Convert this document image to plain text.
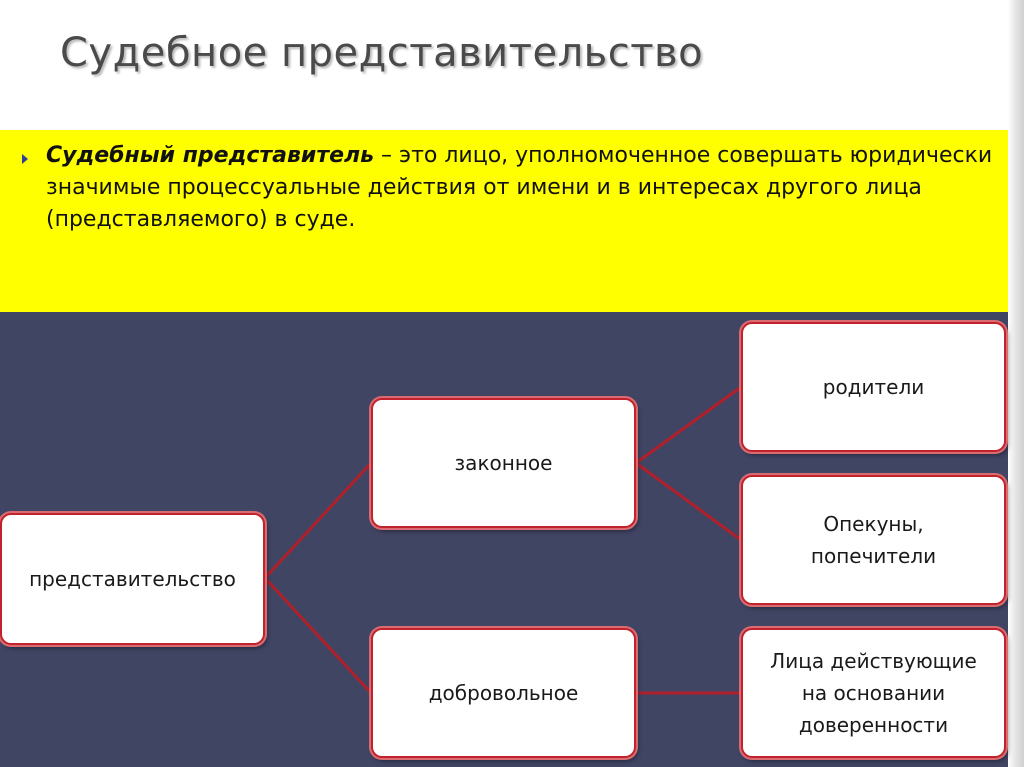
Судебное представительство
Судебный представитель – это лицо, уполномоченное совершать юридически значимые процессуальные действия от имени и в интересах другого лица (представляемого) в суде.
представительство
законное
добровольное
родители
Опекуны,
попечители
Лица действующие
на основании
доверенности
